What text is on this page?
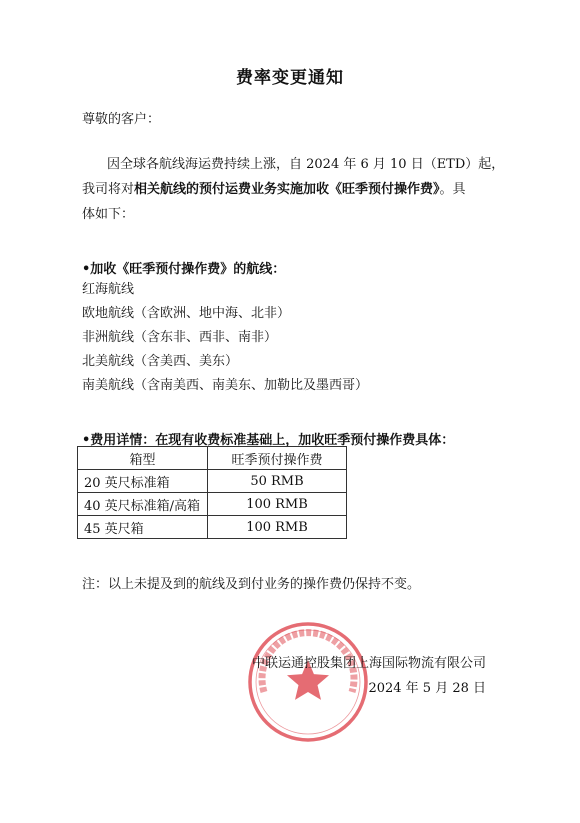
费率变更通知
尊敬的客户：
因全球各航线海运费持续上涨，自 2024 年 6 月 10 日（ETD）起，
我司将对相关航线的预付运费业务实施加收《旺季预付操作费》。具
体如下：
•加收《旺季预付操作费》的航线：
红海航线
欧地航线（含欧洲、地中海、北非）
非洲航线（含东非、西非、南非）
北美航线（含美西、美东）
南美航线（含南美西、南美东、加勒比及墨西哥）
•费用详情：在现有收费标准基础上，加收旺季预付操作费具体：
箱型	旺季预付操作费
20 英尺标准箱	50 RMB
40 英尺标准箱/高箱	100 RMB
45 英尺箱	100 RMB
注：以上未提及到的航线及到付业务的操作费仍保持不变。
中联运通控股集团上海国际物流有限公司
2024 年 5 月 28 日
